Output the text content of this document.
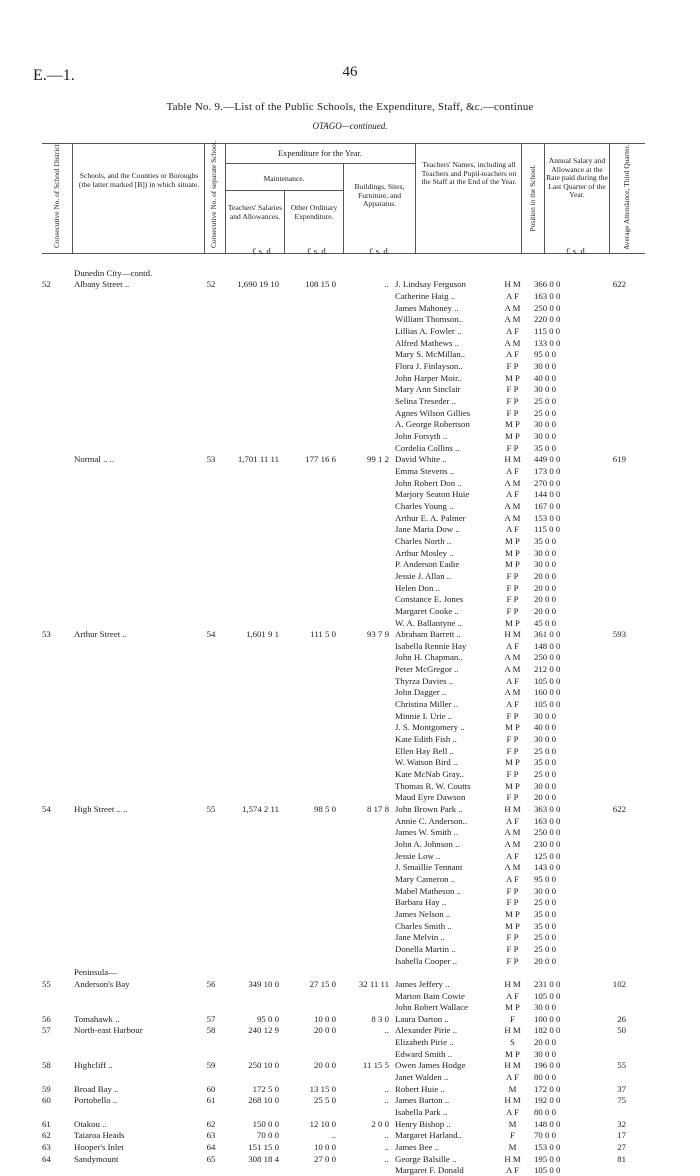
E.—1.	46
Table No. 9.—List of the Public Schools, the Expenditure, Staff, &c.—continue
OTAGO—continued.
Consecutive No. of School District.	Schools, and the Counties or Boroughs (the latter marked [B]) in which situate.	Consecutive No. of separate School.	Expenditure for the Year.
Maintenance.
Teachers' Salaries and Allowances.
Other Ordinary Expenditure.
Buildings, Sites, Furniture, and Apparatus.
Teachers' Names, including all Teachers and Pupil-teachers on the Staff at the End of the Year.	Position in the School.
Annual Salary and Allowance at the Rate paid during the Last Quarter of the Year.	Average Attendance, Third Quarter.
£ s. d.	£ s. d.	£ s. d.	£ s. d.
	Dunedin City—contd.								
52	Albany Street ..	52	1,690 19 10	108 15 0	..	J. Lindsay Ferguson	H M	366 0 0	622
						Catherine Haig ..	A F	163 0 0	
						James Mahoney ..	A M	250 0 0	
						William Thomson..	A M	220 0 0	
						Lillias A. Fowler ..	A F	115 0 0	
						Alfred Mathews ..	A M	133 0 0	
						Mary S. McMillan..	A F	95 0 0	
						Flora J. Finlayson..	F P	30 0 0	
						John Harper Moir..	M P	40 0 0	
						Mary Ann Sinclair	F P	30 0 0	
						Selina Treseder ..	F P	25 0 0	
						Agnes Wilson Gillies	F P	25 0 0	
						A. George Robertson	M P	30 0 0	
						John Forsyth ..	M P	30 0 0	
						Cordelia Collins ..	F P	35 0 0	
	Normal .. ..	53	1,701 11 11	177 16 6	99 1 2	David White ..	H M	449 0 0	619
						Emma Stevens ..	A F	173 0 0	
						John Robert Don ..	A M	270 0 0	
						Marjory Seaton Huie	A F	144 0 0	
						Charles Young ..	A M	167 0 0	
						Arthur E. A. Palmer	A M	153 0 0	
						Jane Maria Dow ..	A F	115 0 0	
						Charles North ..	M P	35 0 0	
						Arthur Mosley ..	M P	30 0 0	
						P. Anderson Eadie	M P	30 0 0	
						Jessie J. Allan ..	F P	20 0 0	
						Helen Don ..	F P	20 0 0	
						Constance E. Jones	F P	20 0 0	
						Margaret Cooke ..	F P	20 0 0	
						W. A. Ballantyne ..	M P	45 0 0	
53	Arthur Street ..	54	1,601 9 1	111 5 0	93 7 9	Abraham Barrett ..	H M	361 0 0	593
						Isabella Rennie Hay	A F	148 0 0	
						John H. Chapman..	A M	250 0 0	
						Peter McGregor ..	A M	212 0 0	
						Thyrza Davies ..	A F	105 0 0	
						John Dagger ..	A M	160 0 0	
						Christina Miller ..	A F	105 0 0	
						Minnie I. Urie ..	F P	30 0 0	
						J. S. Montgomery ..	M P	40 0 0	
						Kate Edith Fish ..	F P	30 0 0	
						Ellen Hay Bell ..	F P	25 0 0	
						W. Watson Bird ..	M P	35 0 0	
						Kate McNab Gray..	F P	25 0 0	
						Thomas R. W. Coutts	M P	30 0 0	
						Maud Eyre Dawson	F P	20 0 0	
54	High Street .. ..	55	1,574 2 11	98 5 0	8 17 8	John Brown Park ..	H M	363 0 0	622
						Annie C. Anderson..	A F	163 0 0	
						James W. Smith ..	A M	250 0 0	
						John A. Johnson ..	A M	230 0 0	
						Jessie Low ..	A F	125 0 0	
						J. Smaillie Tennant	A M	143 0 0	
						Mary Cameron ..	A F	95 0 0	
						Mabel Matheson ..	F P	30 0 0	
						Barbara Hay ..	F P	25 0 0	
						James Nelson ..	M P	35 0 0	
						Charles Smith ..	M P	35 0 0	
						Jane Melvin ..	F P	25 0 0	
						Donella Martin ..	F P	25 0 0	
						Isabella Cooper ..	F P	20 0 0	
	Peninsula—								
55	Anderson's Bay	56	349 10 0	27 15 0	32 11 11	James Jeffery ..	H M	231 0 0	102
						Marion Bain Cowie	A F	105 0 0	
						John Robert Wallace	M P	30 0 0	
56	Tomahawk ..	57	95 0 0	10 0 0	8 3 0	Laura Darton ..	F	100 0 0	26
57	North-east Harbour	58	240 12 9	20 0 0	..	Alexander Pirie ..	H M	182 0 0	50
						Elizabeth Pirie ..	S	20 0 0	
						Edward Smith ..	M P	30 0 0	
58	Highcliff ..	59	250 10 0	20 0 0	11 15 5	Owen James Hodge	H M	196 0 0	55
						Janet Walden ..	A F	80 0 0	
59	Broad Bay ..	60	172 5 0	13 15 0	..	Robert Huie ..	M	172 0 0	37
60	Portobello ..	61	268 10 0	25 5 0	..	James Barton ..	H M	192 0 0	75
						Isabella Park ..	A F	80 0 0	
61	Otakou ..	62	150 0 0	12 10 0	2 0 0	Henry Bishop ..	M	148 0 0	32
62	Taiaroa Heads	63	70 0 0	..	..	Margaret Harland..	F	70 0 0	17
63	Hooper's Inlet	64	151 15 0	10 0 0	..	James Bee ..	M	153 0 0	27
64	Sandymount	65	308 18 4	27 0 0	..	George Balsille ..	H M	195 0 0	81
						Margaret F. Donald	A F	105 0 0	
